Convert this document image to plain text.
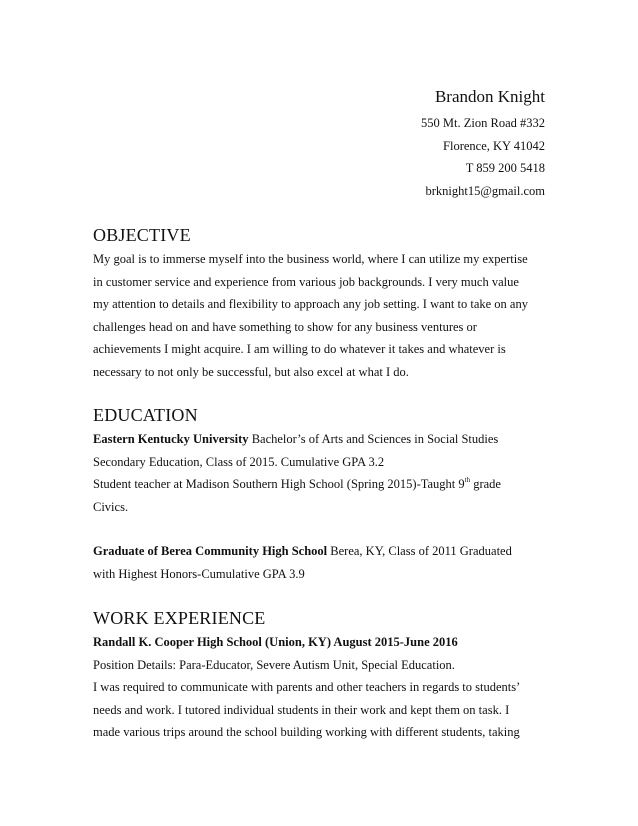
Brandon Knight
550 Mt. Zion Road #332
Florence, KY 41042
T 859 200 5418
brknight15@gmail.com
OBJECTIVE

My goal is to immerse myself into the business world, where I can utilize my expertise
in customer service and experience from various job backgrounds. I very much value
my attention to details and flexibility to approach any job setting. I want to take on any
challenges head on and have something to show for any business ventures or
achievements I might acquire. I am willing to do whatever it takes and whatever is
necessary to not only be successful, but also excel at what I do.

EDUCATION

Eastern Kentucky University Bachelor’s of Arts and Sciences in Social Studies
Secondary Education, Class of 2015. Cumulative GPA 3.2
Student teacher at Madison Southern High School (Spring 2015)-Taught 9th grade
Civics.

Graduate of Berea Community High School Berea, KY, Class of 2011 Graduated
with Highest Honors-Cumulative GPA 3.9

WORK EXPERIENCE

Randall K. Cooper High School (Union, KY) August 2015-June 2016
Position Details: Para-Educator, Severe Autism Unit, Special Education.
I was required to communicate with parents and other teachers in regards to students’
needs and work. I tutored individual students in their work and kept them on task. I
made various trips around the school building working with different students, taking
